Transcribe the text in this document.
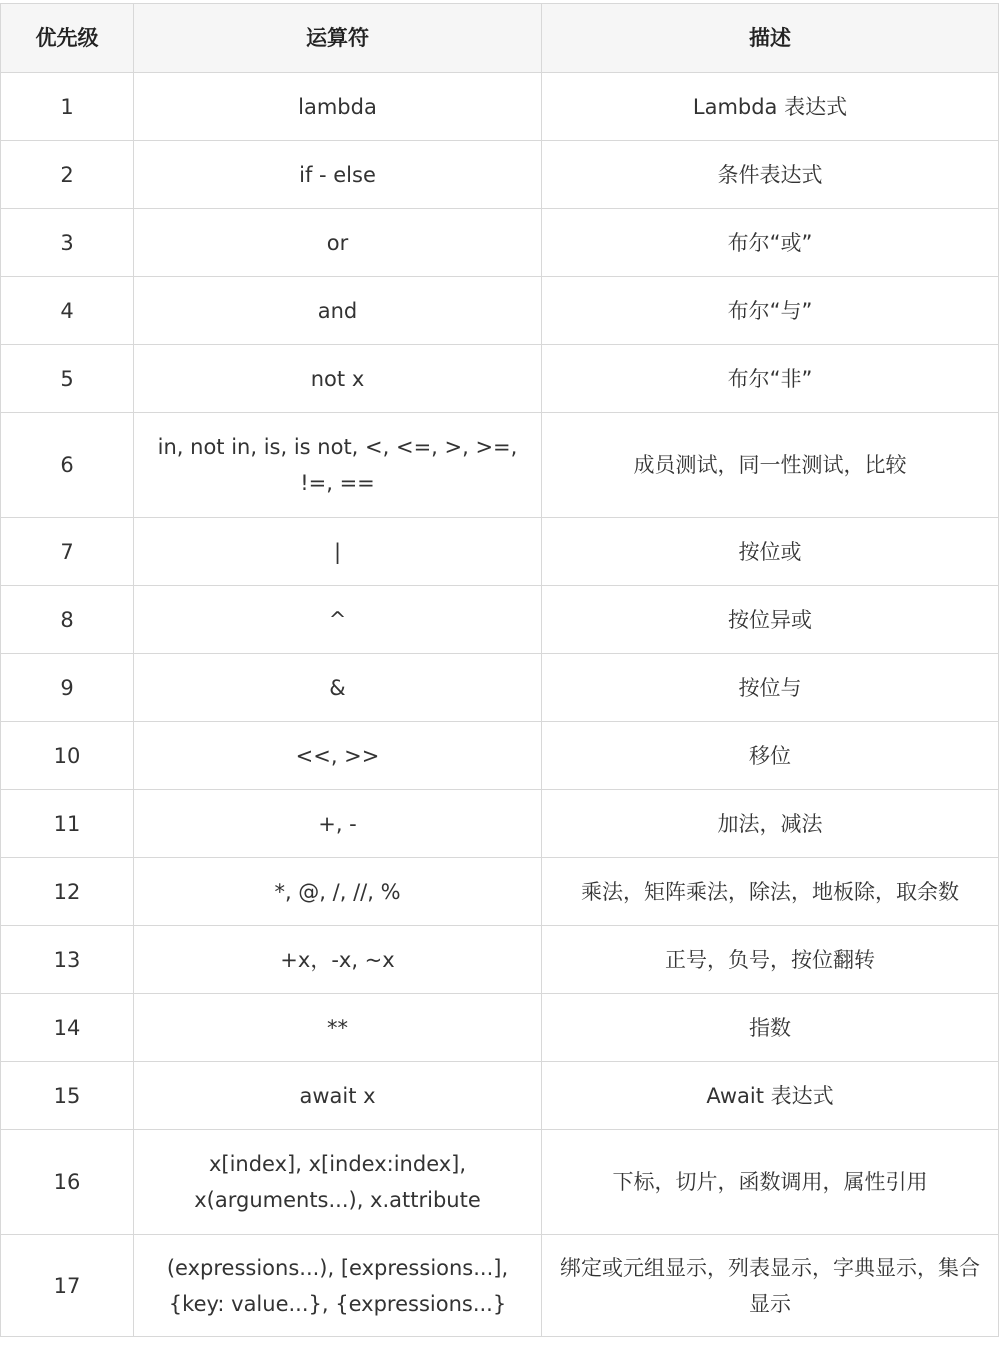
优先级	运算符	描述
1	lambda	Lambda 表达式
2	if - else	条件表达式
3	or	布尔“或”
4	and	布尔“与”
5	not x	布尔“非”
6	in, not in, is, is not, <, <=, >, >=, !=, ==	成员测试，同一性测试，比较
7	|	按位或
8	^	按位异或
9	&	按位与
10	<<, >>	移位
11	+, -	加法，减法
12	*, @, /, //, %	乘法，矩阵乘法，除法，地板除，取余数
13	+x，-x, ~x	正号，负号，按位翻转
14	**	指数
15	await x	Await 表达式
16	x[index], x[index:index], x(arguments...), x.attribute	下标，切片，函数调用，属性引用
17	(expressions...), [expressions...], {key: value...}, {expressions...}	绑定或元组显示，列表显示，字典显示，集合显示
